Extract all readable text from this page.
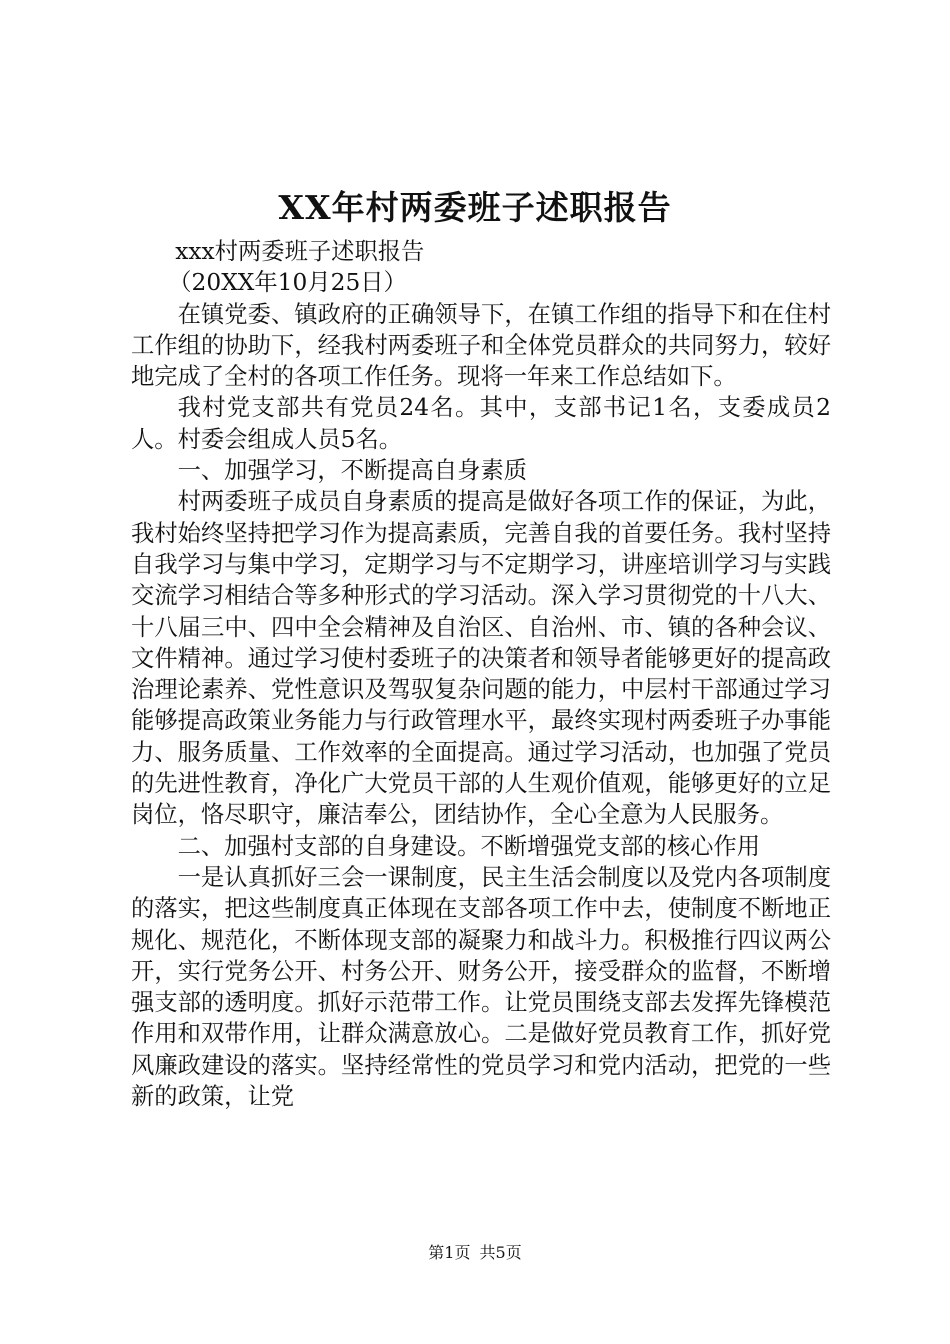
XX年村两委班子述职报告

xxx村两委班子述职报告

（20XX年10月25日）

在镇党委、镇政府的正确领导下，在镇工作组的指导下和在住村工作组的协助下，经我村两委班子和全体党员群众的共同努力，较好地完成了全村的各项工作任务。现将一年来工作总结如下。

我村党支部共有党员24名。其中，支部书记1名，支委成员2人。村委会组成人员5名。

一、加强学习，不断提高自身素质

村两委班子成员自身素质的提高是做好各项工作的保证，为此，我村始终坚持把学习作为提高素质，完善自我的首要任务。我村坚持自我学习与集中学习，定期学习与不定期学习，讲座培训学习与实践交流学习相结合等多种形式的学习活动。深入学习贯彻党的十八大、十八届三中、四中全会精神及自治区、自治州、市、镇的各种会议、文件精神。通过学习使村委班子的决策者和领导者能够更好的提高政治理论素养、党性意识及驾驭复杂问题的能力，中层村干部通过学习能够提高政策业务能力与行政管理水平，最终实现村两委班子办事能力、服务质量、工作效率的全面提高。通过学习活动，也加强了党员的先进性教育，净化广大党员干部的人生观价值观，能够更好的立足岗位，恪尽职守，廉洁奉公，团结协作，全心全意为人民服务。

二、加强村支部的自身建设。不断增强党支部的核心作用

一是认真抓好三会一课制度，民主生活会制度以及党内各项制度的落实，把这些制度真正体现在支部各项工作中去，使制度不断地正规化、规范化，不断体现支部的凝聚力和战斗力。积极推行四议两公开，实行党务公开、村务公开、财务公开，接受群众的监督，不断增强支部的透明度。抓好示范带工作。让党员围绕支部去发挥先锋模范作用和双带作用，让群众满意放心。二是做好党员教育工作，抓好党风廉政建设的落实。坚持经常性的党员学习和党内活动，把党的一些新的政策，让党

第1页 共5页
